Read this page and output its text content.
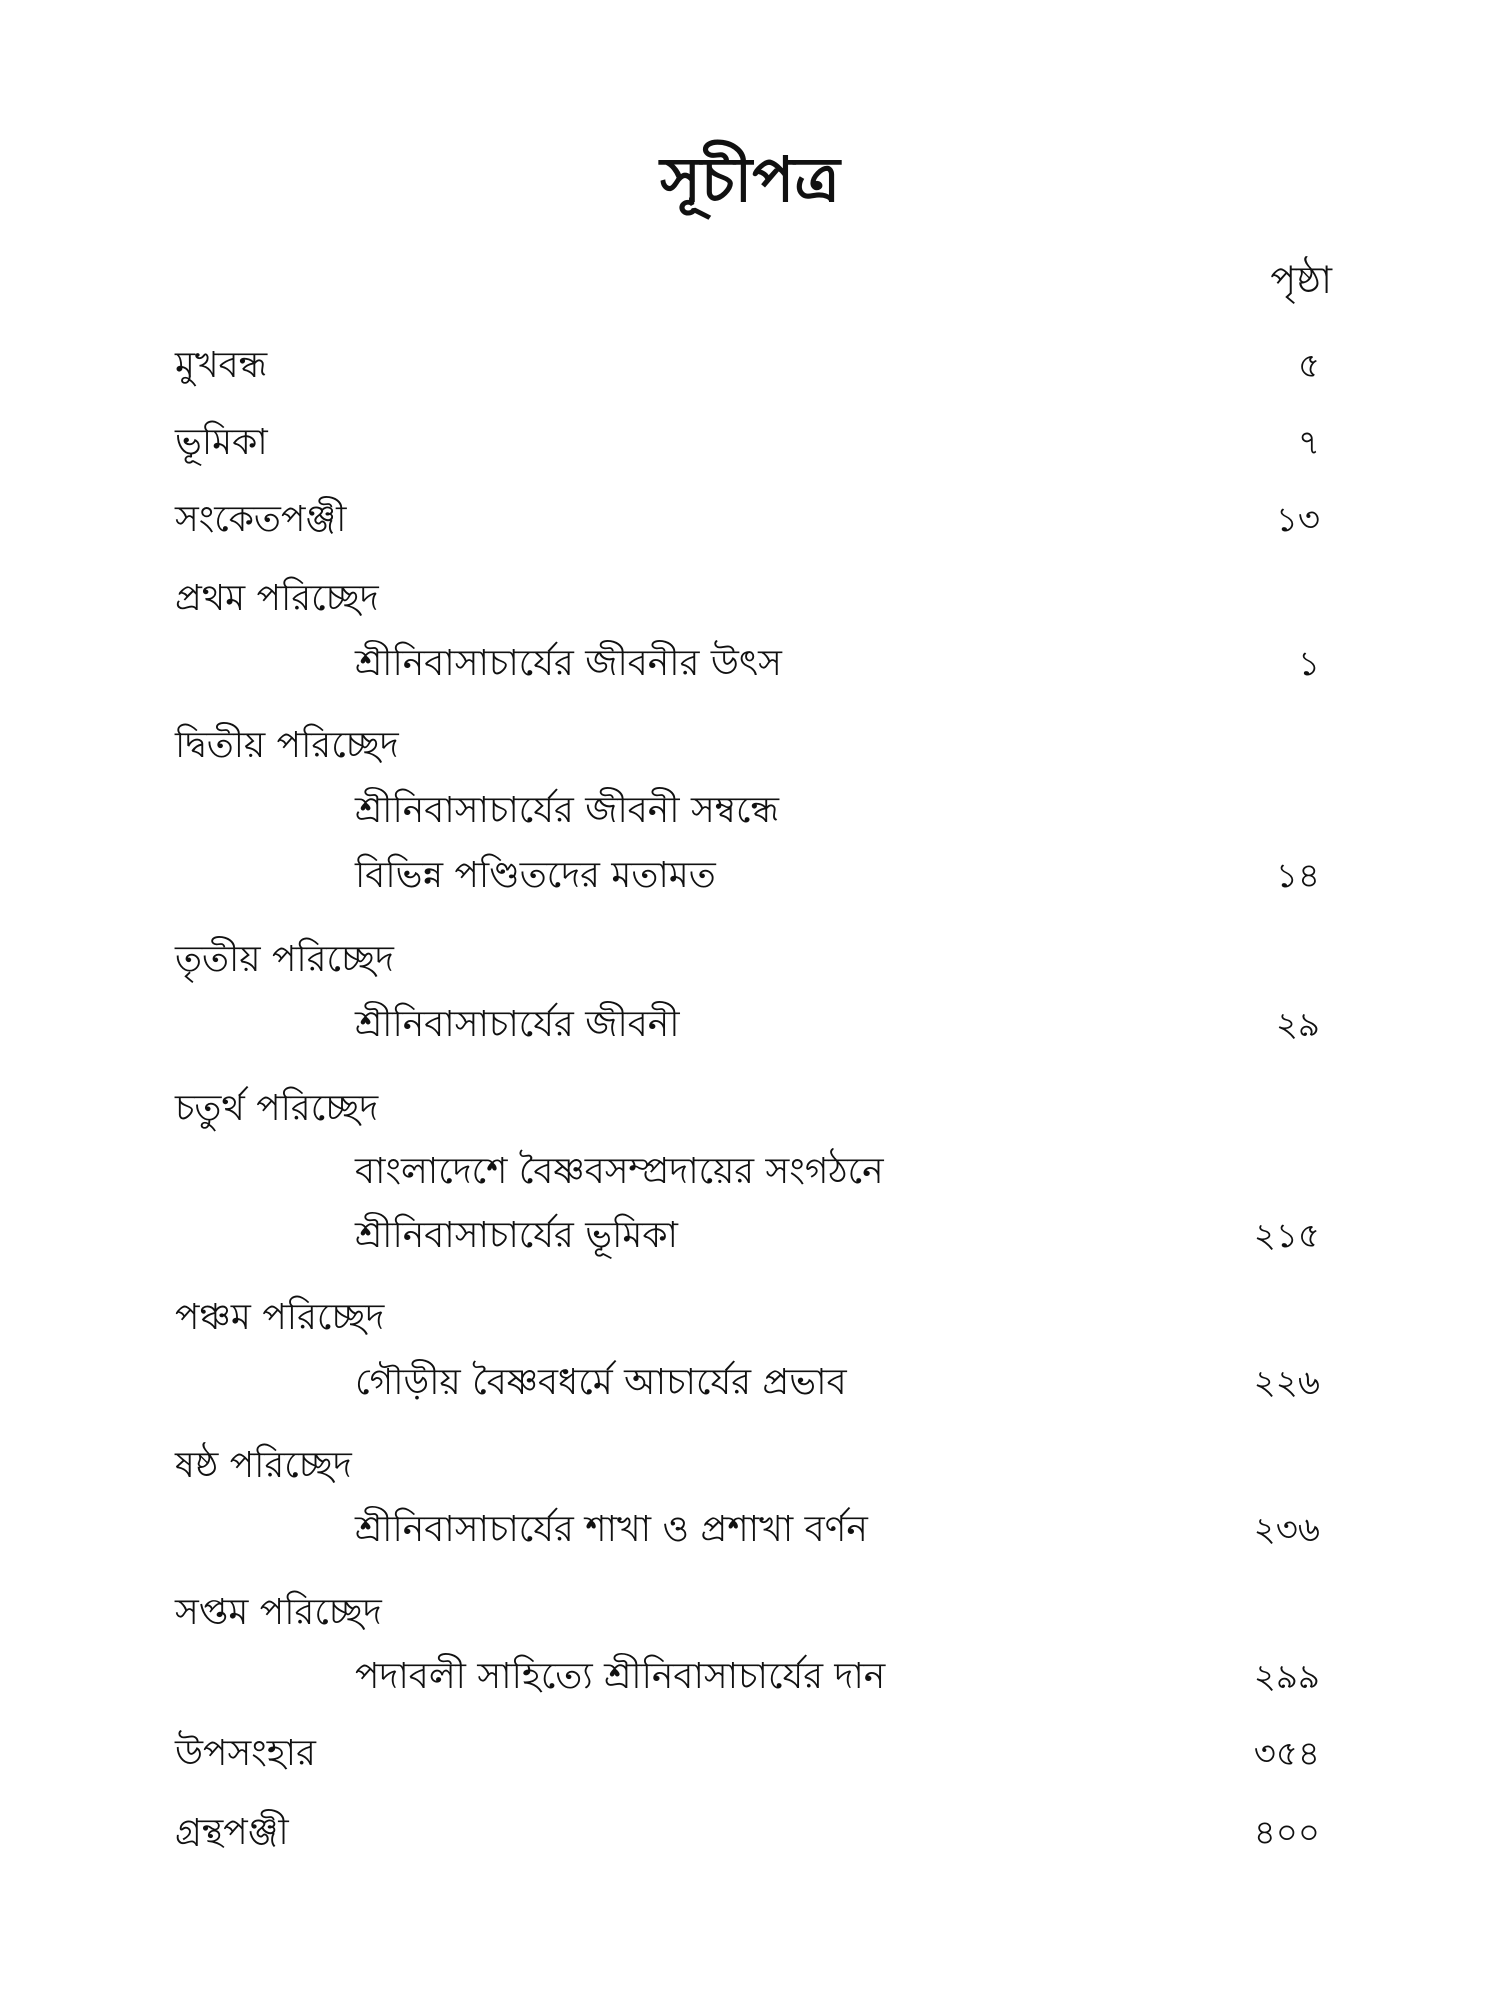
সূচীপত্র
পৃষ্ঠা
মুখবন্ধ	৫
ভূমিকা	৭
সংকেতপঞ্জী	১৩
প্রথম পরিচ্ছেদ
শ্রীনিবাসাচার্যের জীবনীর উৎস	১
দ্বিতীয় পরিচ্ছেদ
শ্রীনিবাসাচার্যের জীবনী সম্বন্ধে
বিভিন্ন পণ্ডিতদের মতামত	১৪
তৃতীয় পরিচ্ছেদ
শ্রীনিবাসাচার্যের জীবনী	২৯
চতুর্থ পরিচ্ছেদ
বাংলাদেশে বৈষ্ণবসম্প্রদায়ের সংগঠনে
শ্রীনিবাসাচার্যের ভূমিকা	২১৫
পঞ্চম পরিচ্ছেদ
গৌড়ীয় বৈষ্ণবধর্মে আচার্যের প্রভাব	২২৬
ষষ্ঠ পরিচ্ছেদ
শ্রীনিবাসাচার্যের শাখা ও প্রশাখা বর্ণন	২৩৬
সপ্তম পরিচ্ছেদ
পদাবলী সাহিত্যে শ্রীনিবাসাচার্যের দান	২৯৯
উপসংহার	৩৫৪
গ্রন্থপঞ্জী	৪০০
